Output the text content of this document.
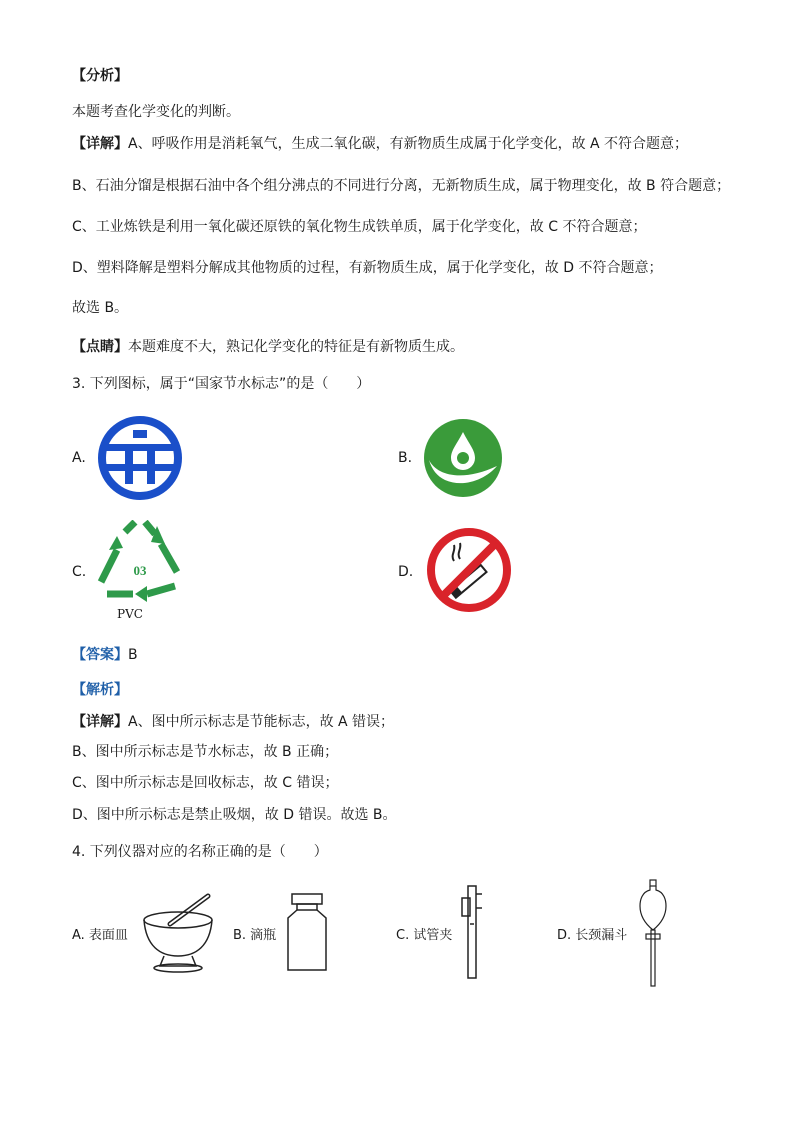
【分析】
本题考查化学变化的判断。
【详解】A、呼吸作用是消耗氧气，生成二氧化碳，有新物质生成属于化学变化，故 A 不符合题意；
B、石油分馏是根据石油中各个组分沸点的不同进行分离，无新物质生成，属于物理变化，故 B 符合题意；
C、工业炼铁是利用一氧化碳还原铁的氧化物生成铁单质，属于化学变化，故 C 不符合题意；
D、塑料降解是塑料分解成其他物质的过程，有新物质生成，属于化学变化，故 D 不符合题意；
故选 B。
【点睛】本题难度不大，熟记化学变化的特征是有新物质生成。
3. 下列图标，属于“国家节水标志”的是（　　）
A.	B.
C.	03
PVC
D.
【答案】B
【解析】
【详解】A、图中所示标志是节能标志，故 A 错误；
B、图中所示标志是节水标志，故 B 正确；
C、图中所示标志是回收标志，故 C 错误；
D、图中所示标志是禁止吸烟，故 D 错误。故选 B。
4. 下列仪器对应的名称正确的是（　　）
A. 表面皿	B. 滴瓶	C. 试管夹	D. 长颈漏斗
